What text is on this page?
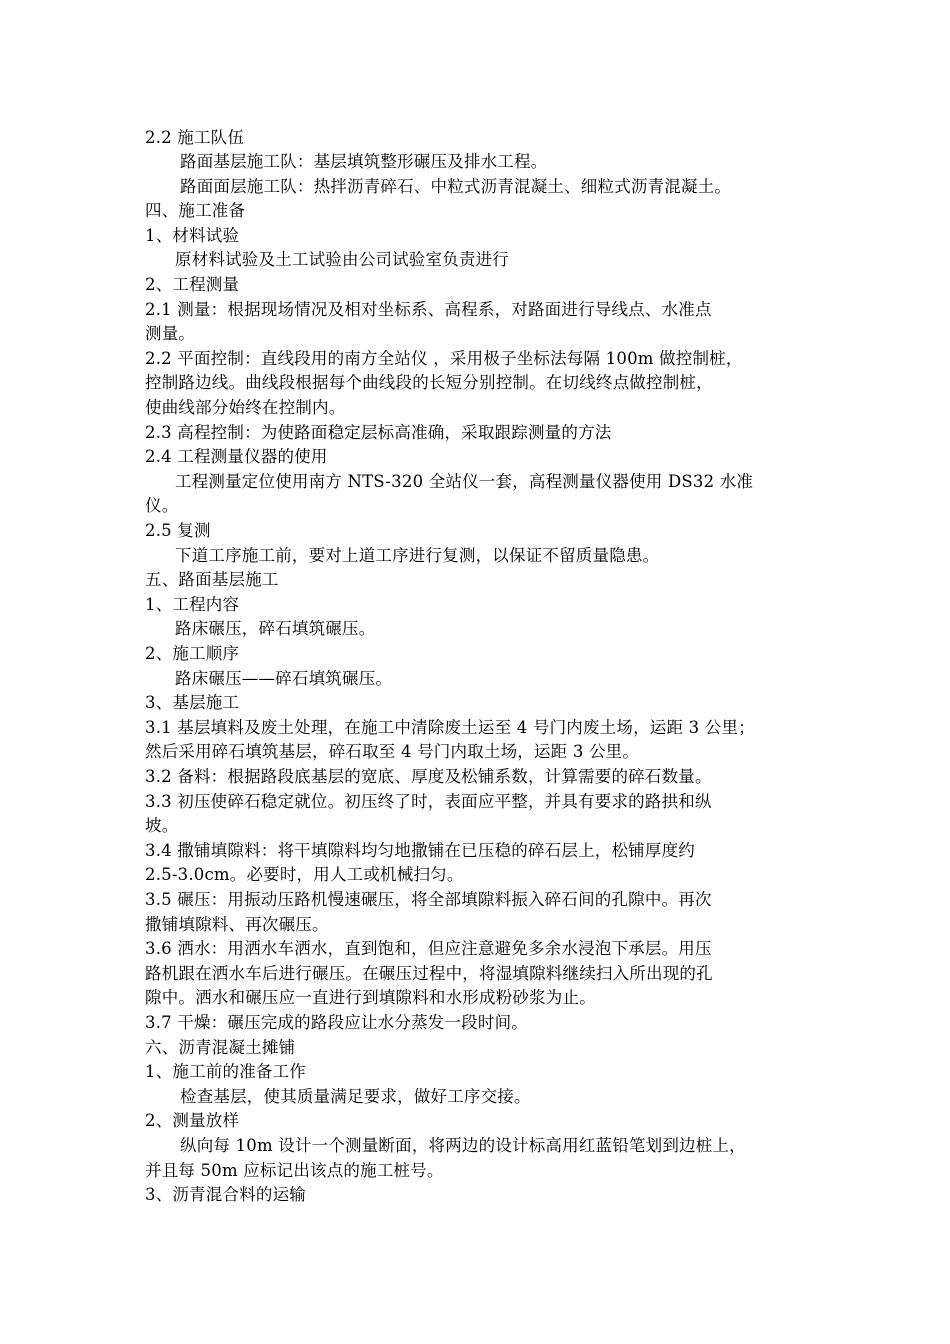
2.2 施工队伍

路面基层施工队：基层填筑整形碾压及排水工程。

路面面层施工队：热拌沥青碎石、中粒式沥青混凝土、细粒式沥青混凝土。

四、施工准备

1、材料试验

原材料试验及土工试验由公司试验室负责进行

2、工程测量

2.1 测量：根据现场情况及相对坐标系、高程系，对路面进行导线点、水准点

测量。

2.2 平面控制：直线段用的南方全站仪 ，采用极子坐标法每隔 100m 做控制桩，

控制路边线。曲线段根据每个曲线段的长短分别控制。在切线终点做控制桩，

使曲线部分始终在控制内。

2.3 高程控制：为使路面稳定层标高准确，采取跟踪测量的方法

2.4 工程测量仪器的使用

工程测量定位使用南方 NTS-320 全站仪一套，高程测量仪器使用 DS32 水准

仪。

2.5 复测

下道工序施工前，要对上道工序进行复测，以保证不留质量隐患。

五、路面基层施工

1、工程内容

路床碾压，碎石填筑碾压。

2、施工顺序

路床碾压——碎石填筑碾压。

3、基层施工

3.1 基层填料及废土处理，在施工中清除废土运至 4 号门内废土场，运距 3 公里；

然后采用碎石填筑基层，碎石取至 4 号门内取土场，运距 3 公里。

3.2 备料：根据路段底基层的宽底、厚度及松铺系数，计算需要的碎石数量。

3.3 初压使碎石稳定就位。初压终了时，表面应平整，并具有要求的路拱和纵

坡。

3.4 撒铺填隙料：将干填隙料均匀地撒铺在已压稳的碎石层上，松铺厚度约

2.5-3.0cm。必要时，用人工或机械扫匀。

3.5 碾压：用振动压路机慢速碾压，将全部填隙料振入碎石间的孔隙中。再次

撒铺填隙料、再次碾压。

3.6 洒水：用洒水车洒水，直到饱和，但应注意避免多余水浸泡下承层。用压

路机跟在洒水车后进行碾压。在碾压过程中，将湿填隙料继续扫入所出现的孔

隙中。洒水和碾压应一直进行到填隙料和水形成粉砂浆为止。

3.7 干燥：碾压完成的路段应让水分蒸发一段时间。

六、沥青混凝土摊铺

1、施工前的准备工作

检查基层，使其质量满足要求，做好工序交接。

2、测量放样

纵向每 10m 设计一个测量断面，将两边的设计标高用红蓝铅笔划到边桩上，

并且每 50m 应标记出该点的施工桩号。

3、沥青混合料的运输
